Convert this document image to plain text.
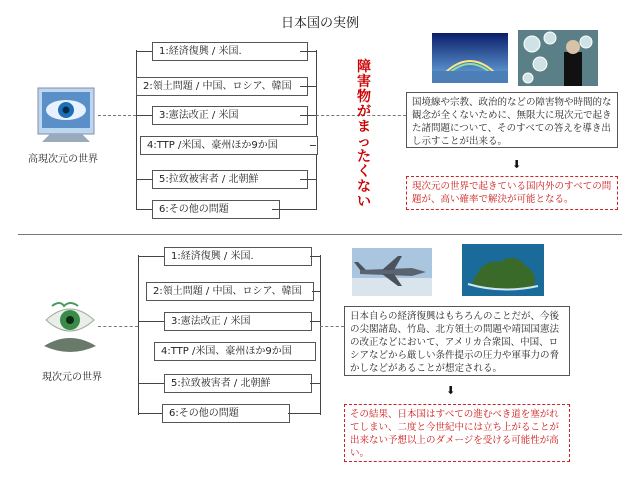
日本国の実例
高現次元の世界
1:経済復興 / 米国.
2:領土問題 / 中国、ロシア、韓国
3:憲法改正 / 米国
4:TTP /米国、豪州ほか9か国
5:拉致被害者 / 北朝鮮
6:その他の問題
障害物がまったくない
国境線や宗教、政治的などの障害物や時間的な観念が全くないために、無限大に現次元で起きた諸問題について、そのすべての答えを導き出し示すことが出来る。
⬇
現次元の世界で起きている国内外のすべての問題が、高い確率で解決が可能となる。
現次元の世界
1:経済復興 / 米国.
2:領土問題 / 中国、ロシア、韓国
3:憲法改正 / 米国
4:TTP /米国、豪州ほか9か国
5:拉致被害者 / 北朝鮮
6:その他の問題
日本自らの経済復興はもちろんのことだが、今後の尖閣諸島、竹島、北方領土の問題や靖国国憲法の改正などにおいて、アメリカ合衆国、中国、ロシアなどから厳しい条件提示の圧力や軍事力の脅かしなどがあることが想定される。
⬇
その結果、日本国はすべての進むべき道を塞がれてしまい、二度と今世紀中には立ち上がることが出来ない予想以上のダメージを受ける可能性が高い。
